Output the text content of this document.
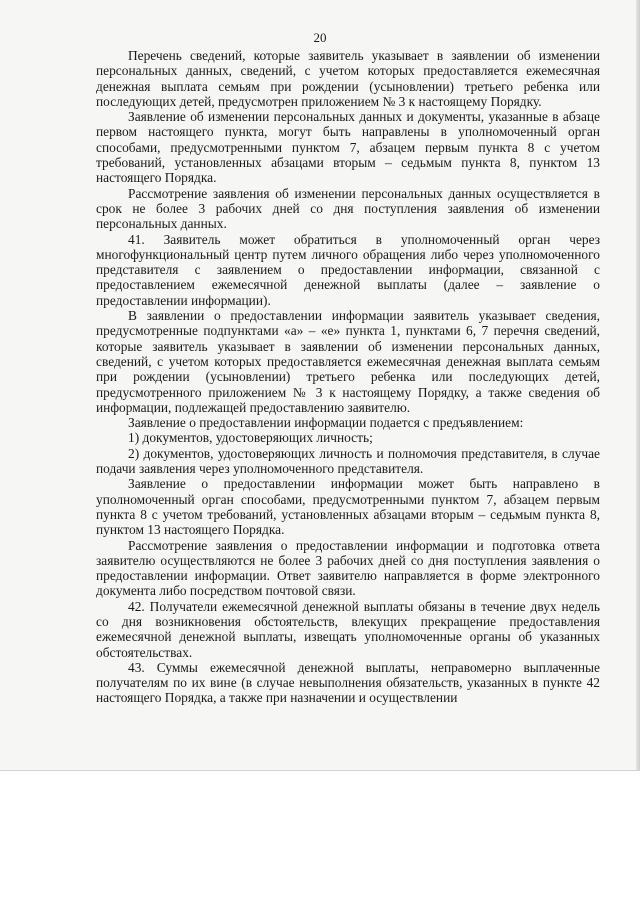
20

Перечень сведений, которые заявитель указывает в заявлении об изменении персональных данных, сведений, с учетом которых предоставляется ежемесячная денежная выплата семьям при рождении (усыновлении) третьего ребенка или последующих детей, предусмотрен приложением № 3 к настоящему Порядку.

Заявление об изменении персональных данных и документы, указанные в абзаце первом настоящего пункта, могут быть направлены в уполномоченный орган способами, предусмотренными пунктом 7, абзацем первым пункта 8 с учетом требований, установленных абзацами вторым – седьмым пункта 8, пунктом 13 настоящего Порядка.

Рассмотрение заявления об изменении персональных данных осуществляется в срок не более 3 рабочих дней со дня поступления заявления об изменении персональных данных.

41. Заявитель может обратиться в уполномоченный орган через многофункциональный центр путем личного обращения либо через уполномоченного представителя с заявлением о предоставлении информации, связанной с предоставлением ежемесячной денежной выплаты (далее – заявление о предоставлении информации).

В заявлении о предоставлении информации заявитель указывает сведения, предусмотренные подпунктами «а» – «е» пункта 1, пунктами 6, 7 перечня сведений, которые заявитель указывает в заявлении об изменении персональных данных, сведений, с учетом которых предоставляется ежемесячная денежная выплата семьям при рождении (усыновлении) третьего ребенка или последующих детей, предусмотренного приложением № 3 к настоящему Порядку, а также сведения об информации, подлежащей предоставлению заявителю.

Заявление о предоставлении информации подается с предъявлением:

1) документов, удостоверяющих личность;

2) документов, удостоверяющих личность и полномочия представителя, в случае подачи заявления через уполномоченного представителя.

Заявление о предоставлении информации может быть направлено в уполномоченный орган способами, предусмотренными пунктом 7, абзацем первым пункта 8 с учетом требований, установленных абзацами вторым – седьмым пункта 8, пунктом 13 настоящего Порядка.

Рассмотрение заявления о предоставлении информации и подготовка ответа заявителю осуществляются не более 3 рабочих дней со дня поступления заявления о предоставлении информации. Ответ заявителю направляется в форме электронного документа либо посредством почтовой связи.

42. Получатели ежемесячной денежной выплаты обязаны в течение двух недель со дня возникновения обстоятельств, влекущих прекращение предоставления ежемесячной денежной выплаты, извещать уполномоченные органы об указанных обстоятельствах.

43. Суммы ежемесячной денежной выплаты, неправомерно выплаченные получателям по их вине (в случае невыполнения обязательств, указанных в пункте 42 настоящего Порядка, а также при назначении и осуществлении
